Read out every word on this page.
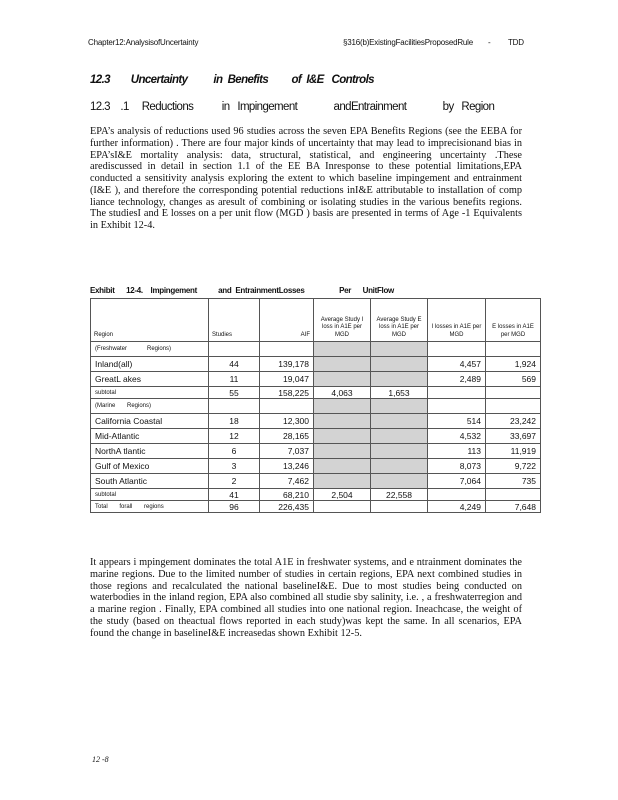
Chapter12:AnalysisofUncertainty	§316(b)ExistingFacilitiesProposedRule - TDD
12.3        Uncertainty          in  Benefits         of  I&E   Controls
12.3    .1     Reductions           in   Impingement              andEntrainment              by   Region
EPA’s analysis of reductions used 96 studies across the seven EPA Benefits Regions (see the EEBA for further information) . There are four major kinds of uncertainty that may lead to imprecisionand bias in EPA’sI&E mortality analysis: data, structural, statistical, and engineering uncertainty .These arediscussed in detail in section 1.1 of the EE BA Inresponse to these potential limitations,EPA conducted a sensitivity analysis exploring the extent to which baseline impingement and entrainment (I&E ), and therefore the corresponding potential reductions inI&E attributable to installation of comp liance technology, changes as aresult of combining or isolating studies in the various benefits regions. The studiesI and E losses on a per unit flow (MGD ) basis are presented in terms of Age -1 Equivalents in Exhibit 12-4.
Exhibit      12-4.    Impingement           and  EntrainmentLosses                  Per      UnitFlow
Region	Studies	AIF	Average Study I loss in A1E per MGD	Average Study E loss in A1E per MGD	I losses in A1E per MGD	E losses in A1E per MGD
(Freshwater            Regions)						
Inland(all)	44	139,178			4,457	1,924
GreatL akes	11	19,047			2,489	569
subtotal	55	158,225	4,063	1,653		
(Marine       Regions)						
California Coastal	18	12,300			514	23,242
Mid-Atlantic	12	28,165			4,532	33,697
NorthA tlantic	6	7,037			113	11,919
Gulf of Mexico	3	13,246			8,073	9,722
South Atlantic	2	7,462			7,064	735
subtotal	41	68,210	2,504	22,558		
Total       forall       regions	96	226,435			4,249	7,648
It appears i mpingement dominates the total A1E in freshwater systems, and e ntrainment dominates the marine regions. Due to the limited number of studies in certain regions, EPA next combined studies in those regions and recalculated the national baselineI&E. Due to most studies being conducted on waterbodies in the inland region, EPA also combined all studie sby salinity, i.e. , a freshwaterregion and a marine region . Finally, EPA combined all studies into one national region. Ineachcase, the weight of the study (based on theactual flows reported in each study)was kept the same. In all scenarios, EPA found the change in baselineI&E increasedas shown Exhibit 12-5.
12 -8
